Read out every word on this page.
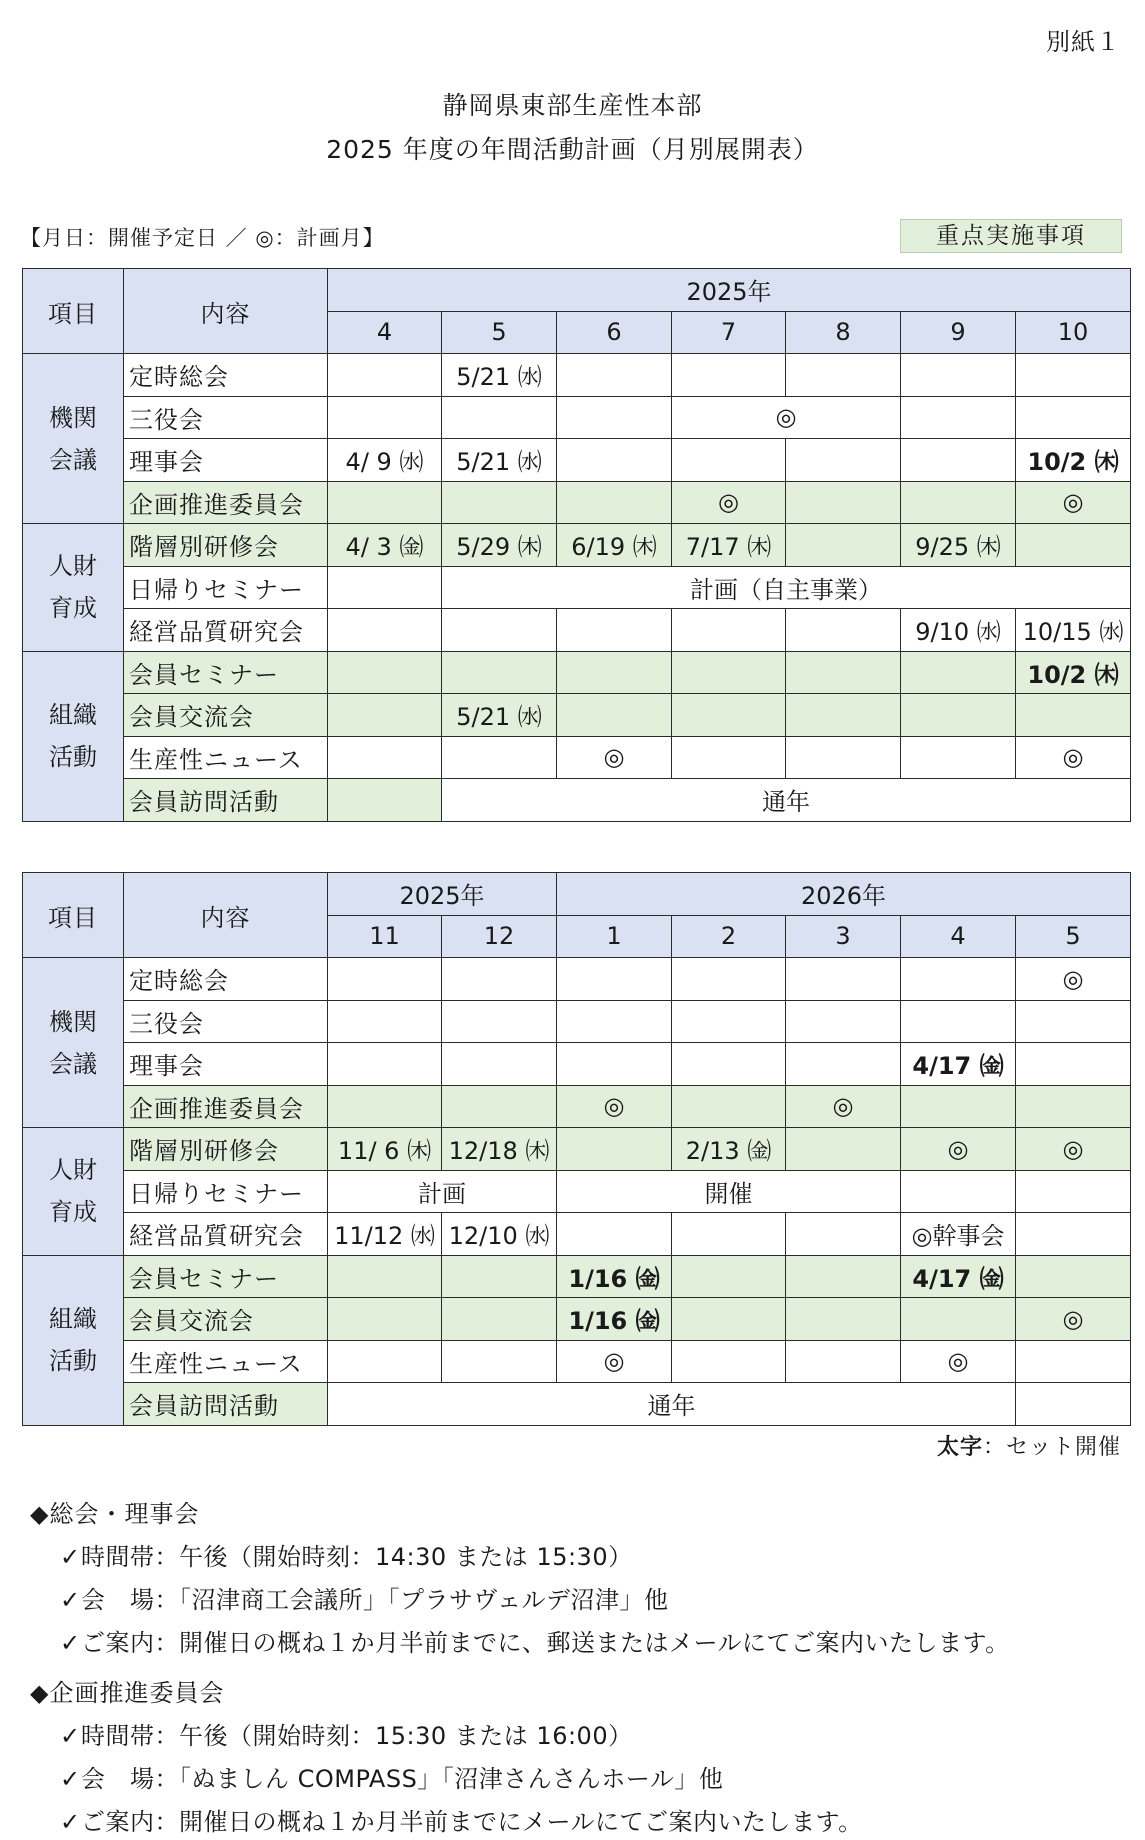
別紙１
静岡県東部生産性本部
2025 年度の年間活動計画（月別展開表）
【月日：開催予定日 ／ ◎：計画月】	重点実施事項
項目	内容	2025年						
		4	5	6	7	8	9	10
機関
会議	定時総会		5/21 ㈬					
	三役会				◎			
	理事会	4/ 9 ㈬	5/21 ㈬					10/2 ㈭
	企画推進委員会				◎			◎
人財
育成	階層別研修会	4/ 3 ㈮	5/29 ㈭	6/19 ㈭	7/17 ㈭		9/25 ㈭	
	日帰りセミナー		計画（自主事業）					
	経営品質研究会						9/10 ㈬	10/15 ㈬
組織
活動	会員セミナー							10/2 ㈭
	会員交流会		5/21 ㈬					
	生産性ニュース			◎				◎
	会員訪問活動		通年					
項目	内容	2025年		2026年				
		11	12	1	2	3	4	5
機関
会議	定時総会							◎
	三役会							
	理事会						4/17 ㈮	
	企画推進委員会			◎		◎		
人財
育成	階層別研修会	11/ 6 ㈭	12/18 ㈭		2/13 ㈮		◎	◎
	日帰りセミナー	計画		開催				
	経営品質研究会	11/12 ㈬	12/10 ㈬				◎幹事会	
組織
活動	会員セミナー			1/16 ㈮			4/17 ㈮	
	会員交流会			1/16 ㈮				◎
	生産性ニュース			◎			◎	
	会員訪問活動	通年						
太字：セット開催
◆総会・理事会
✓時間帯：午後（開始時刻：14:30 または 15:30）
✓会　場：「沼津商工会議所」「プラサヴェルデ沼津」他
✓ご案内：開催日の概ね１か月半前までに、郵送またはメールにてご案内いたします。
◆企画推進委員会
✓時間帯：午後（開始時刻：15:30 または 16:00）
✓会　場：「ぬましん COMPASS」「沼津さんさんホール」他
✓ご案内：開催日の概ね１か月半前までにメールにてご案内いたします。
